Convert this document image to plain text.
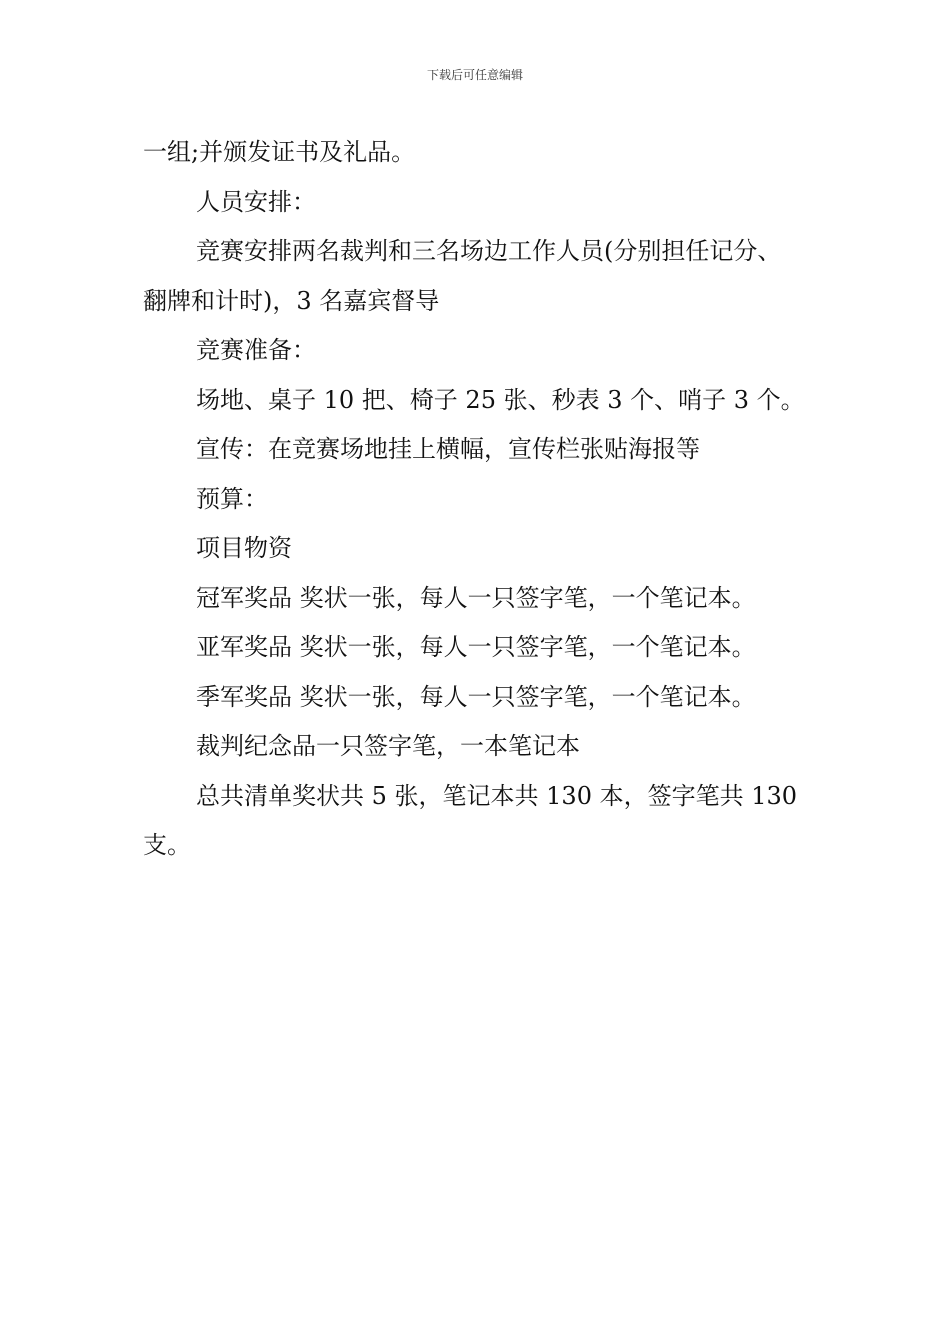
下载后可任意编辑
一组;并颁发证书及礼品。
人员安排：
竞赛安排两名裁判和三名场边工作人员(分别担任记分、
翻牌和计时)，3 名嘉宾督导
竞赛准备：
场地、桌子 10 把、椅子 25 张、秒表 3 个、哨子 3 个。
宣传：在竞赛场地挂上横幅，宣传栏张贴海报等
预算：
项目物资
冠军奖品 奖状一张，每人一只签字笔，一个笔记本。
亚军奖品 奖状一张，每人一只签字笔，一个笔记本。
季军奖品 奖状一张，每人一只签字笔，一个笔记本。
裁判纪念品一只签字笔，一本笔记本
总共清单奖状共 5 张，笔记本共 130 本，签字笔共 130
支。
